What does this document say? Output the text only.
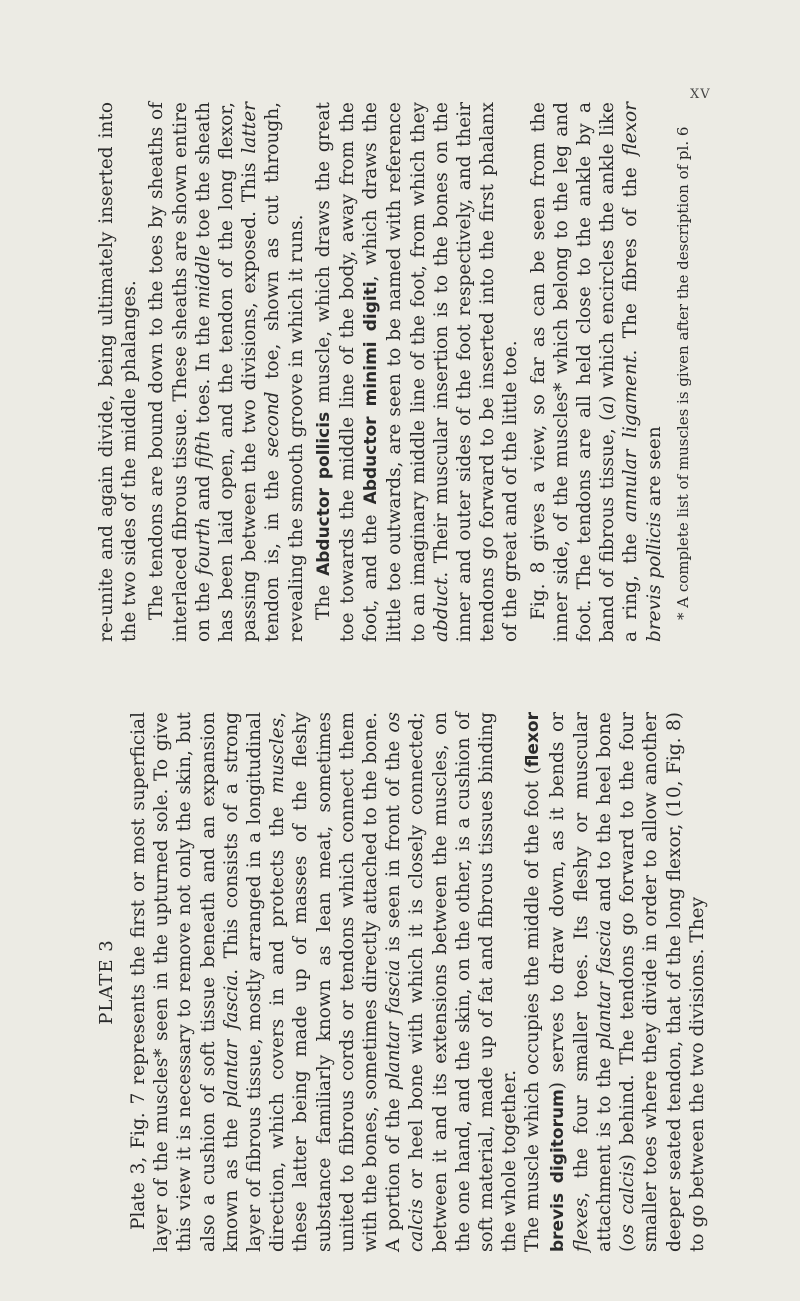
XV
PLATE 3 Plate 3, Fig. 7 represents the first or most superficial layer of the muscles* seen in the upturned sole. To give this view it is necessary to remove not only the skin, but also a cushion of soft tissue beneath and an expansion known as the plantar fascia. This consists of a strong layer of fibrous tissue, mostly arranged in a longitudinal direction, which covers in and protects the muscles, these latter being made up of masses of the fleshy substance familiarly known as lean meat, sometimes united to fibrous cords or tendons which connect them with the bones, sometimes directly attached to the bone. A portion of the plantar fascia is seen in front of the os calcis or heel bone with which it is closely connected; between it and its extensions between the muscles, on the one hand, and the skin, on the other, is a cushion of soft material, made up of fat and fibrous tissues binding the whole together. The muscle which occupies the middle of the foot (flexor brevis digitorum) serves to draw down, as it bends or flexes, the four smaller toes. Its fleshy or muscular attachment is to the plantar fascia and to the heel bone (os calcis) behind. The tendons go forward to the four smaller toes where they divide in order to allow another deeper seated tendon, that of the long flexor, (10, Fig. 8) to go between the two divisions. They

re-unite and again divide, being ultimately inserted into the two sides of the middle phalanges. The tendons are bound down to the toes by sheaths of interlaced fibrous tissue. These sheaths are shown entire on the fourth and fifth toes. In the middle toe the sheath has been laid open, and the tendon of the long flexor, passing between the two divisions, exposed. This latter tendon is, in the second toe, shown as cut through, revealing the smooth groove in which it runs. The Abductor pollicis muscle, which draws the great toe towards the middle line of the body, away from the foot, and the Abductor minimi digiti, which draws the little toe outwards, are seen to be named with reference to an imaginary middle line of the foot, from which they abduct. Their muscular insertion is to the bones on the inner and outer sides of the foot respectively, and their tendons go forward to be inserted into the first phalanx of the great and of the little toe. Fig. 8 gives a view, so far as can be seen from the inner side, of the muscles* which belong to the leg and foot. The tendons are all held close to the ankle by a band of fibrous tissue, (a) which encircles the ankle like a ring, the annular ligament. The fibres of the flexor brevis pollicis are seen * A complete list of muscles is given after the description of pl. 6
